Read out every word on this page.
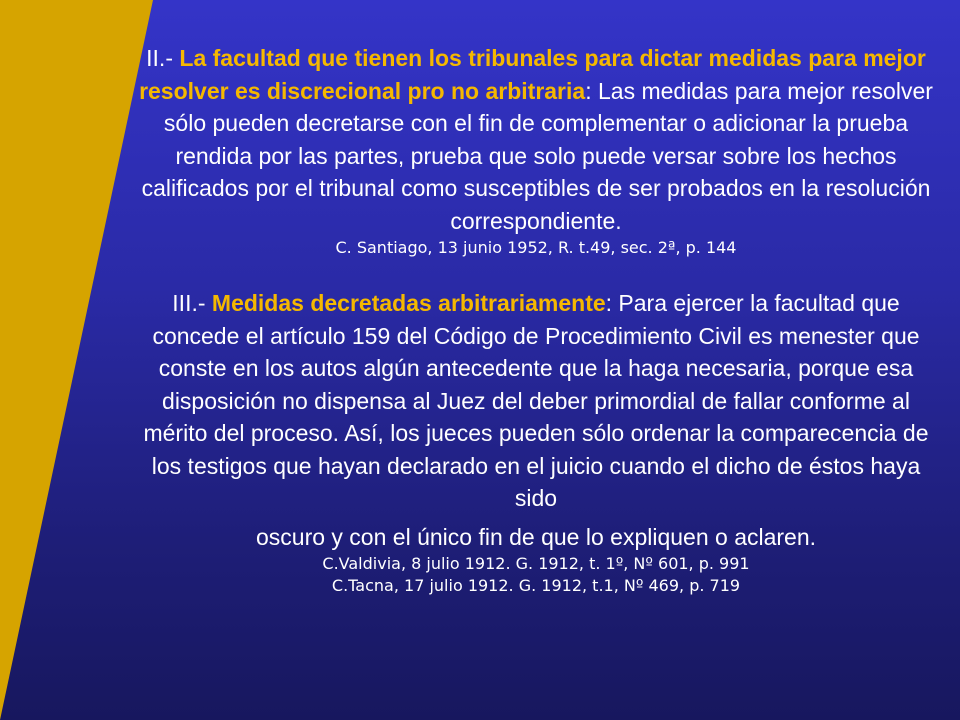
II.- La facultad que tienen los tribunales para dictar medidas para mejor resolver es discrecional pro no arbitraria: Las medidas para mejor resolver sólo pueden decretarse con el fin de complementar o adicionar la prueba rendida por las partes, prueba que solo puede versar sobre los hechos calificados por el tribunal como susceptibles de ser probados en la resolución correspondiente.

C. Santiago, 13 junio 1952, R. t.49, sec. 2ª, p. 144

III.- Medidas decretadas arbitrariamente: Para ejercer la facultad que concede el artículo 159 del Código de Procedimiento Civil es menester que conste en los autos algún antecedente que la haga necesaria, porque esa disposición no dispensa al Juez del deber primordial de fallar conforme al mérito del proceso. Así, los jueces pueden sólo ordenar la comparecencia de los testigos que hayan declarado en el juicio cuando el dicho de éstos haya sido
oscuro y con el único fin de que lo expliquen o aclaren.

C.Valdivia, 8 julio 1912. G. 1912, t. 1º, Nº 601, p. 991

C.Tacna, 17 julio 1912. G. 1912, t.1, Nº 469, p. 719
